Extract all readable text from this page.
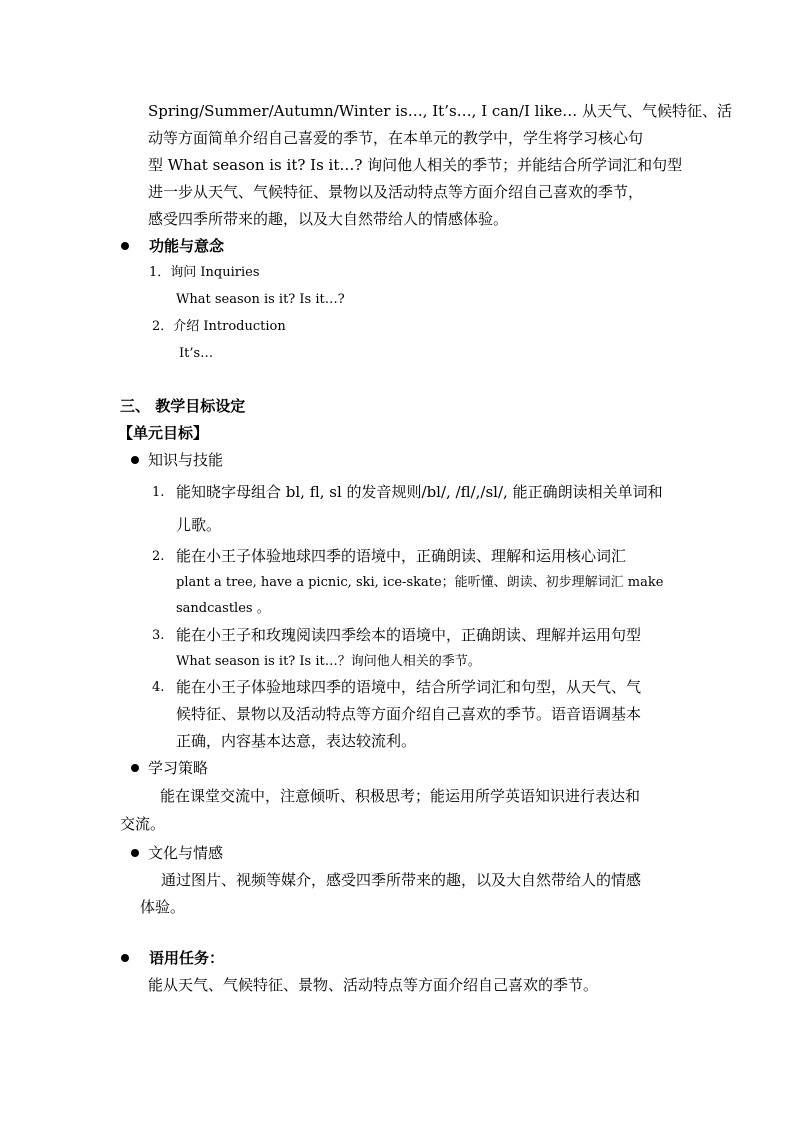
Spring/Summer/Autumn/Winter is…, It’s…, I can/I like… 从天气、气候特征、活
动等方面简单介绍自己喜爱的季节，在本单元的教学中，学生将学习核心句
型 What season is it? Is it…? 询问他人相关的季节；并能结合所学词汇和句型
进一步从天气、气候特征、景物以及活动特点等方面介绍自己喜欢的季节，
感受四季所带来的趣，以及大自然带给人的情感体验。
功能与意念
1．询问 Inquiries
What season is it? Is it…?
2．介绍 Introduction
It’s…
三、 教学目标设定
【单元目标】
知识与技能
1. 能知晓字母组合 bl, fl, sl 的发音规则/bl/, /fl/,/sl/, 能正确朗读相关单词和
儿歌。
2. 能在小王子体验地球四季的语境中，正确朗读、理解和运用核心词汇
plant a tree, have a picnic, ski, ice-skate；能听懂、朗读、初步理解词汇 make
sandcastles 。
3. 能在小王子和玫瑰阅读四季绘本的语境中，正确朗读、理解并运用句型
What season is it? Is it…？询问他人相关的季节。
4. 能在小王子体验地球四季的语境中，结合所学词汇和句型，从天气、气
候特征、景物以及活动特点等方面介绍自己喜欢的季节。语音语调基本
正确，内容基本达意，表达较流利。
学习策略
能在课堂交流中，注意倾听、积极思考；能运用所学英语知识进行表达和
交流。
文化与情感
通过图片、视频等媒介，感受四季所带来的趣，以及大自然带给人的情感
体验。
语用任务：
能从天气、气候特征、景物、活动特点等方面介绍自己喜欢的季节。
